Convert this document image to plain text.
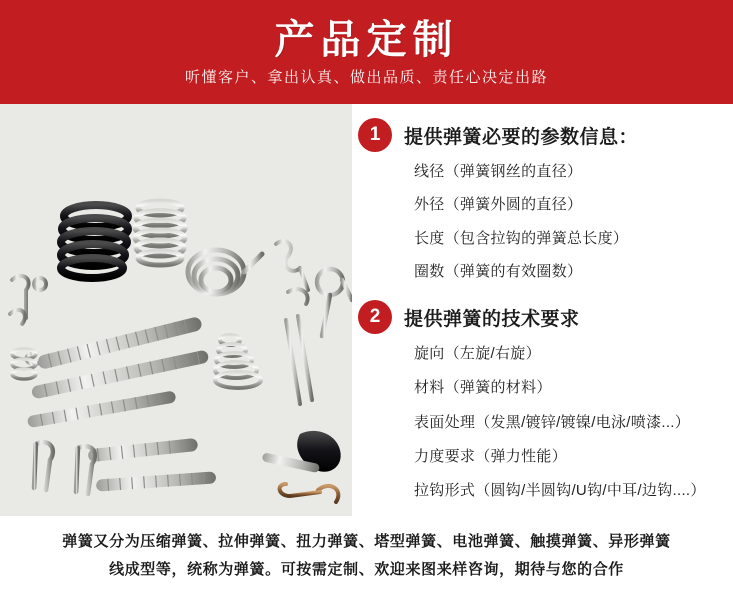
产品定制
听懂客户、拿出认真、做出品质、责任心决定出路
1	提供弹簧必要的参数信息：
线径（弹簧钢丝的直径）
外径（弹簧外圆的直径）
长度（包含拉钩的弹簧总长度）
圈数（弹簧的有效圈数）
2	提供弹簧的技术要求
旋向（左旋/右旋）
材料（弹簧的材料）
表面处理（发黑/镀锌/镀镍/电泳/喷漆...）
力度要求（弹力性能）
拉钩形式（圆钩/半圆钩/U钩/中耳/边钩....）
弹簧又分为压缩弹簧、拉伸弹簧、扭力弹簧、塔型弹簧、电池弹簧、触摸弹簧、异形弹簧
线成型等，统称为弹簧。可按需定制、欢迎来图来样咨询，期待与您的合作
